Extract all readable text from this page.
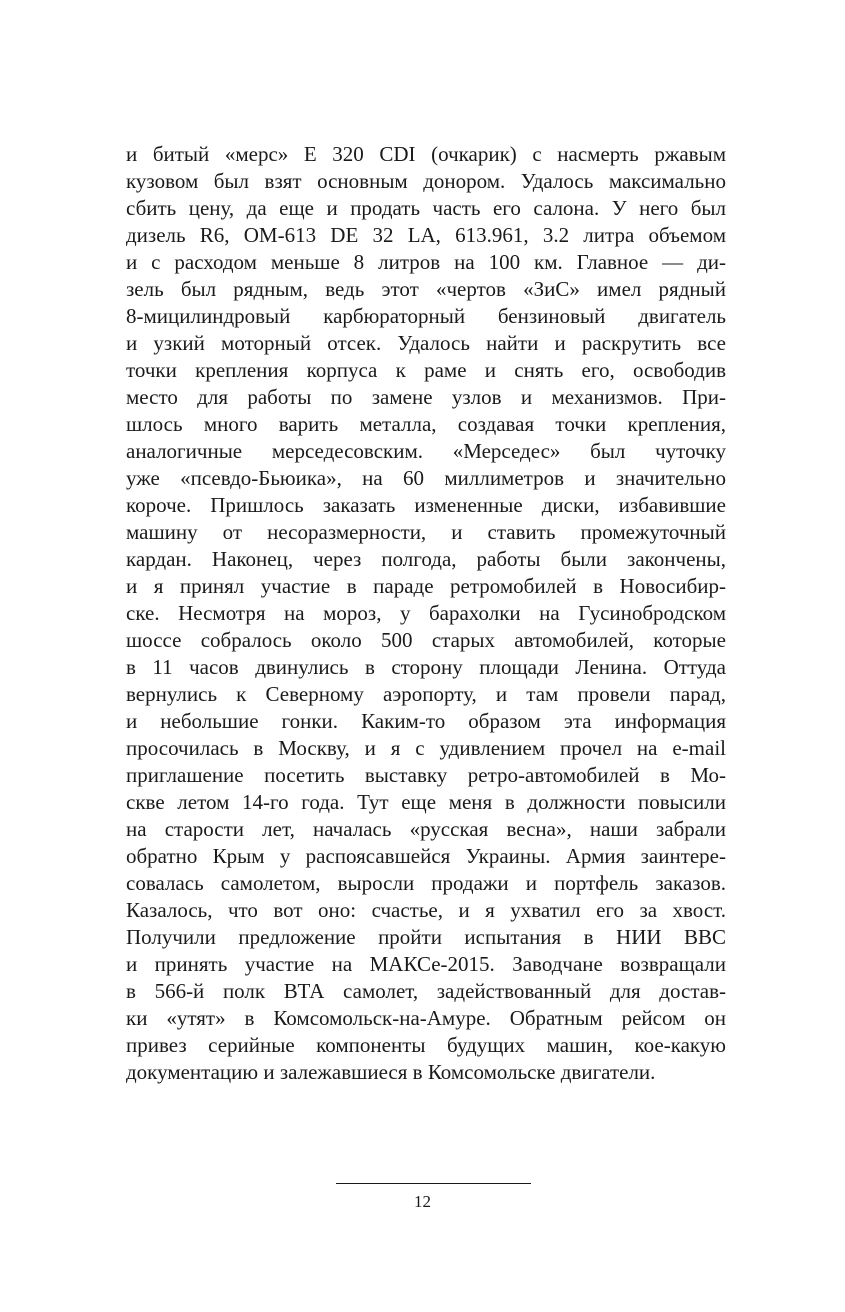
и битый «мерс» E 320 CDI (очкарик) с насмерть ржавым
кузовом был взят основным донором. Удалось максимально
сбить цену, да еще и продать часть его салона. У него был
дизель R6, OM-613 DE 32 LA, 613.961, 3.2 литра объемом
и с расходом меньше 8 литров на 100 км. Главное — ди-
зель был рядным, ведь этот «чертов «ЗиС» имел рядный
8-мицилиндровый карбюраторный бензиновый двигатель
и узкий моторный отсек. Удалось найти и раскрутить все
точки крепления корпуса к раме и снять его, освободив
место для работы по замене узлов и механизмов. При-
шлось много варить металла, создавая точки крепления,
аналогичные мерседесовским. «Мерседес» был чуточку
уже «псевдо-Бьюика», на 60 миллиметров и значительно
короче. Пришлось заказать измененные диски, избавившие
машину от несоразмерности, и ставить промежуточный
кардан. Наконец, через полгода, работы были закончены,
и я принял участие в параде ретромобилей в Новосибир-
ске. Несмотря на мороз, у барахолки на Гусинобродском
шоссе собралось около 500 старых автомобилей, которые
в 11 часов двинулись в сторону площади Ленина. Оттуда
вернулись к Северному аэропорту, и там провели парад,
и небольшие гонки. Каким-то образом эта информация
просочилась в Москву, и я с удивлением прочел на e-mail
приглашение посетить выставку ретро-автомобилей в Мо-
скве летом 14-го года. Тут еще меня в должности повысили
на старости лет, началась «русская весна», наши забрали
обратно Крым у распоясавшейся Украины. Армия заинтере-
совалась самолетом, выросли продажи и портфель заказов.
Казалось, что вот оно: счастье, и я ухватил его за хвост.
Получили предложение пройти испытания в НИИ ВВС
и принять участие на МАКСе-2015. Заводчане возвращали
в 566-й полк ВТА самолет, задействованный для достав-
ки «утят» в Комсомольск-на-Амуре. Обратным рейсом он
привез серийные компоненты будущих машин, кое-какую
документацию и залежавшиеся в Комсомольске двигатели.
12
